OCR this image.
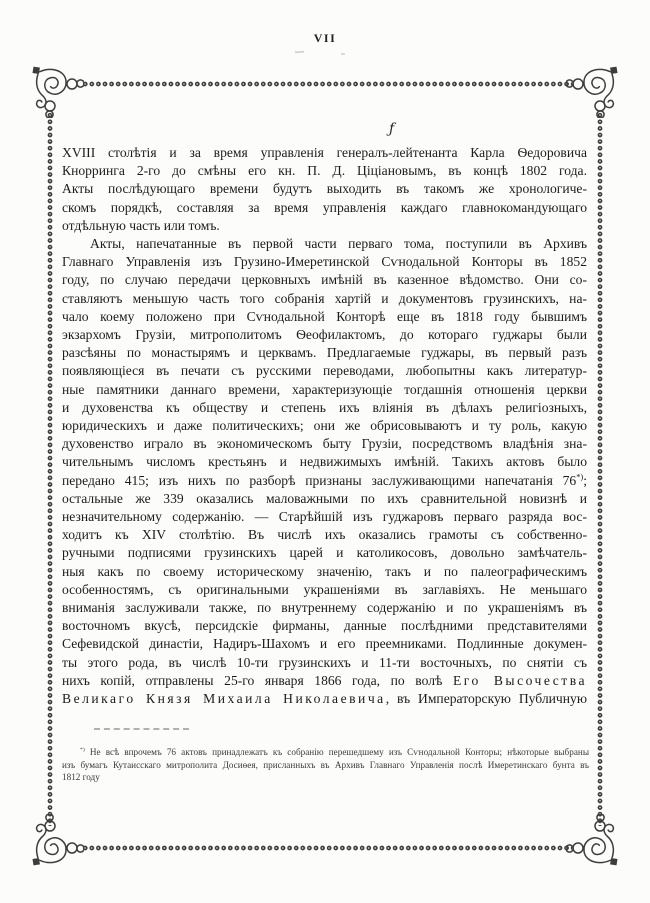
VII
ƒ
XVIII столѣтія и за время управленія генералъ-лейтенанта Карла Ѳедоровича
Кнорринга 2-го до смѣны его кн. П. Д. Ціціановымъ, въ концѣ 1802 года.
Акты послѣдующаго времени будутъ выходить въ такомъ же хронологиче-
скомъ порядкѣ, составляя за время управленія каждаго главнокомандующаго
отдѣльную часть или томъ.
Акты, напечатанные въ первой части перваго тома, поступили въ Архивъ
Главнаго Управленія изъ Грузино-Имеретинской Сѵнодальной Конторы въ 1852
году, по случаю передачи церковныхъ имѣній въ казенное вѣдомство. Они со-
ставляютъ меньшую часть того собранія хартій и документовъ грузинскихъ, на-
чало коему положено при Сѵнодальной Конторѣ еще въ 1818 году бывшимъ
экзархомъ Грузіи, митрополитомъ Ѳеофилактомъ, до котораго гуджары были
разсѣяны по монастырямъ и церквамъ. Предлагаемые гуджары, въ первый разъ
появляющіеся въ печати съ русскими переводами, любопытны какъ литератур-
ные памятники даннаго времени, характеризующіе тогдашнія отношенія церкви
и духовенства къ обществу и степень ихъ вліянія въ дѣлахъ религіозныхъ,
юридическихъ и даже политическихъ; они же обрисовываютъ и ту роль, какую
духовенство играло въ экономическомъ быту Грузіи, посредствомъ владѣнія зна-
чительнымъ числомъ крестьянъ и недвижимыхъ имѣній. Такихъ актовъ было
передано 415; изъ нихъ по разборѣ признаны заслуживающими напечатанія 76*);
остальные же 339 оказались маловажными по ихъ сравнительной новизнѣ и
незначительному содержанію. — Старѣйшій изъ гуджаровъ перваго разряда вос-
ходитъ къ XIV столѣтію. Въ числѣ ихъ оказались грамоты съ собственно-
ручными подписями грузинскихъ царей и католикосовъ, довольно замѣчатель-
ныя какъ по своему историческому значенію, такъ и по палеографическимъ
особенностямъ, съ оригинальными украшеніями въ заглавіяхъ. Не меньшаго
вниманія заслуживали также, по внутреннему содержанію и по украшеніямъ въ
восточномъ вкусѣ, персидскіе фирманы, данные послѣдними представителями
Сефевидской династіи, Надиръ-Шахомъ и его преемниками. Подлинные докумен-
ты этого рода, въ числѣ 10-ти грузинскихъ и 11-ти восточныхъ, по снятіи съ
нихъ копій, отправлены 25-го января 1866 года, по волѣ Его Высочества
Великаго Князя Михаила Николаевича, въ Императорскую Публичную
*) Не всѣ впрочемъ 76 актовъ принадлежатъ къ собранію перешедшему изъ Сѵнодальной Конторы; нѣкоторые выбраны
изъ бумагъ Кутаисскаго митрополита Досиѳея, присланныхъ въ Архивъ Главнаго Управленія послѣ Имеретинскаго бунта въ
1812 году
